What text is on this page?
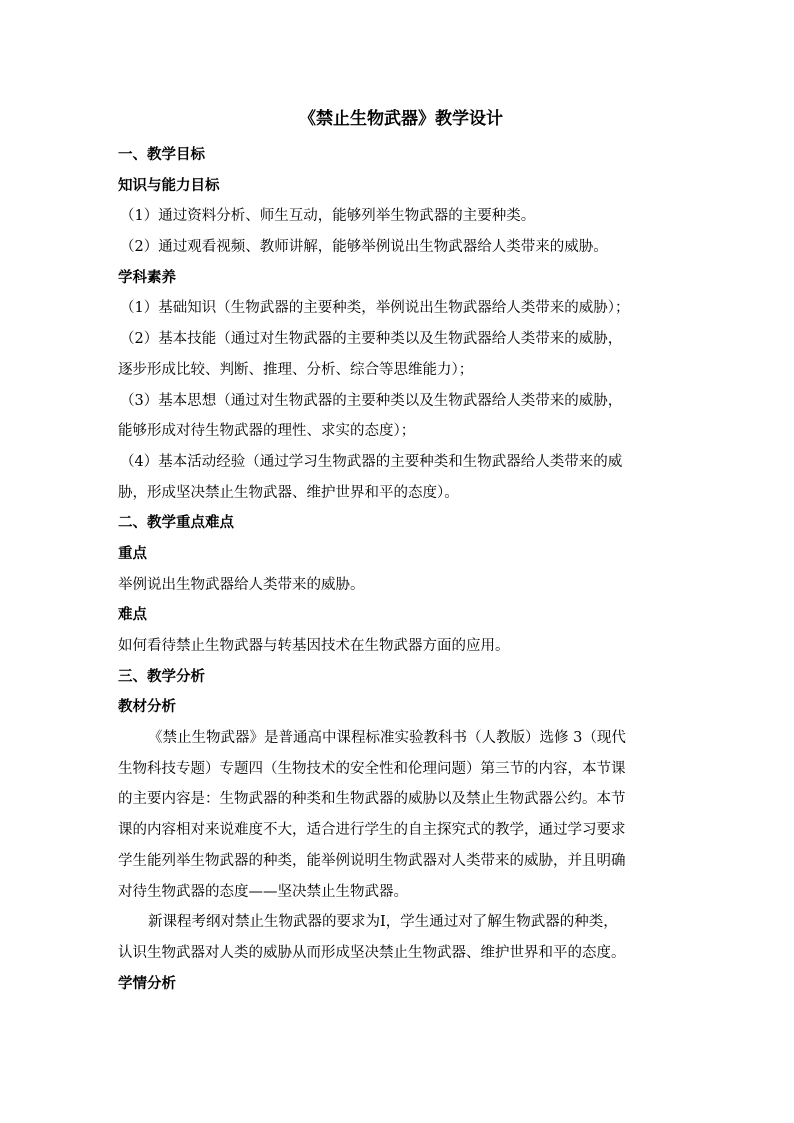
《禁止生物武器》教学设计
一、教学目标
知识与能力目标
（1）通过资料分析、师生互动，能够列举生物武器的主要种类。
（2）通过观看视频、教师讲解，能够举例说出生物武器给人类带来的威胁。
学科素养
（1）基础知识（生物武器的主要种类，举例说出生物武器给人类带来的威胁）；
（2）基本技能（通过对生物武器的主要种类以及生物武器给人类带来的威胁，
逐步形成比较、判断、推理、分析、综合等思维能力）；
（3）基本思想（通过对生物武器的主要种类以及生物武器给人类带来的威胁，
能够形成对待生物武器的理性、求实的态度）；
（4）基本活动经验（通过学习生物武器的主要种类和生物武器给人类带来的威
胁，形成坚决禁止生物武器、维护世界和平的态度）。
二、教学重点难点
重点
举例说出生物武器给人类带来的威胁。
难点
如何看待禁止生物武器与转基因技术在生物武器方面的应用。
三、教学分析
教材分析
《禁止生物武器》是普通高中课程标准实验教科书（人教版）选修 3（现代
生物科技专题）专题四（生物技术的安全性和伦理问题）第三节的内容，本节课
的主要内容是：生物武器的种类和生物武器的威胁以及禁止生物武器公约。本节
课的内容相对来说难度不大，适合进行学生的自主探究式的教学，通过学习要求
学生能列举生物武器的种类，能举例说明生物武器对人类带来的威胁，并且明确
对待生物武器的态度——坚决禁止生物武器。
新课程考纲对禁止生物武器的要求为Ⅰ，学生通过对了解生物武器的种类，
认识生物武器对人类的威胁从而形成坚决禁止生物武器、维护世界和平的态度。
学情分析
